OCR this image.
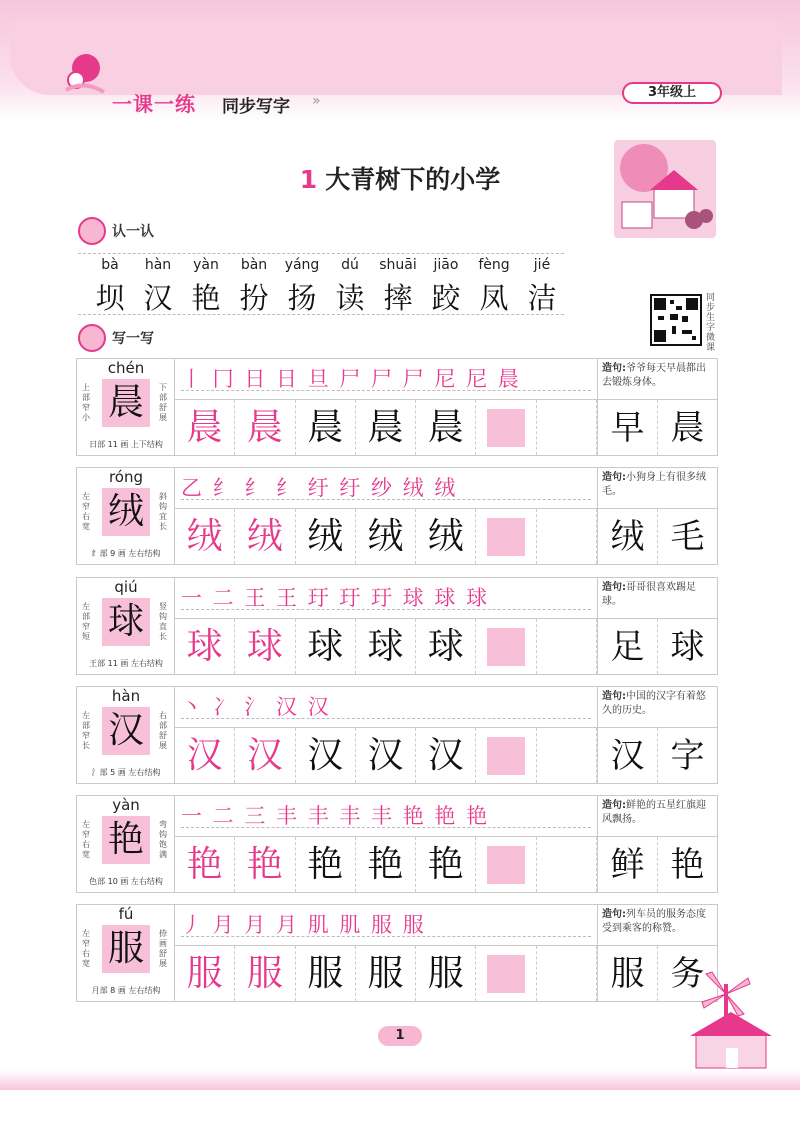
一课一练 同步写字 »
3年级上
1 大青树下的小学
认一认
bà	hàn	yàn	bàn	yáng	dú	shuāi	jiāo	fèng	jié
坝 汉 艳 扮 扬 读 摔 跤 凤 洁	同步生字微课
写一写
chén
上部窄小 晨	下部舒展
日部 11 画 上下结构
丨 冂 日 日 旦 尸 尸 尸 尼 尼 晨
晨 晨 晨 晨 晨
造句:爷爷每天早晨都出去锻炼身体。
早 晨
róng
左窄右宽 绒	斜钩宜长
纟部 9 画 左右结构
乙 纟 纟 纟 纡 纡 纱 绒 绒
绒 绒 绒 绒 绒
造句:小狗身上有很多绒毛。
绒 毛
qiú
左部窄短 球	竖钩直长
王部 11 画 左右结构
一 二 王 王 玗 玗 玗 球 球 球
球 球 球 球 球
造句:哥哥很喜欢踢足球。
足 球
hàn
左部窄长 汉	右部舒展
氵部 5 画 左右结构
丶 冫 氵 汉 汉
汉 汉 汉 汉 汉
造句:中国的汉字有着悠久的历史。
汉 字
yàn
左窄右宽 艳	弯钩饱满
色部 10 画 左右结构
一 二 三 丰 丰 丰 丰 艳 艳 艳
艳 艳 艳 艳 艳
造句:鲜艳的五星红旗迎风飘扬。
鲜 艳
fú
左窄右宽 服	捺画舒展
月部 8 画 左右结构
丿 月 月 月 肌 肌 服 服
服 服 服 服 服
造句:列车员的服务态度受到乘客的称赞。
服 务
1
